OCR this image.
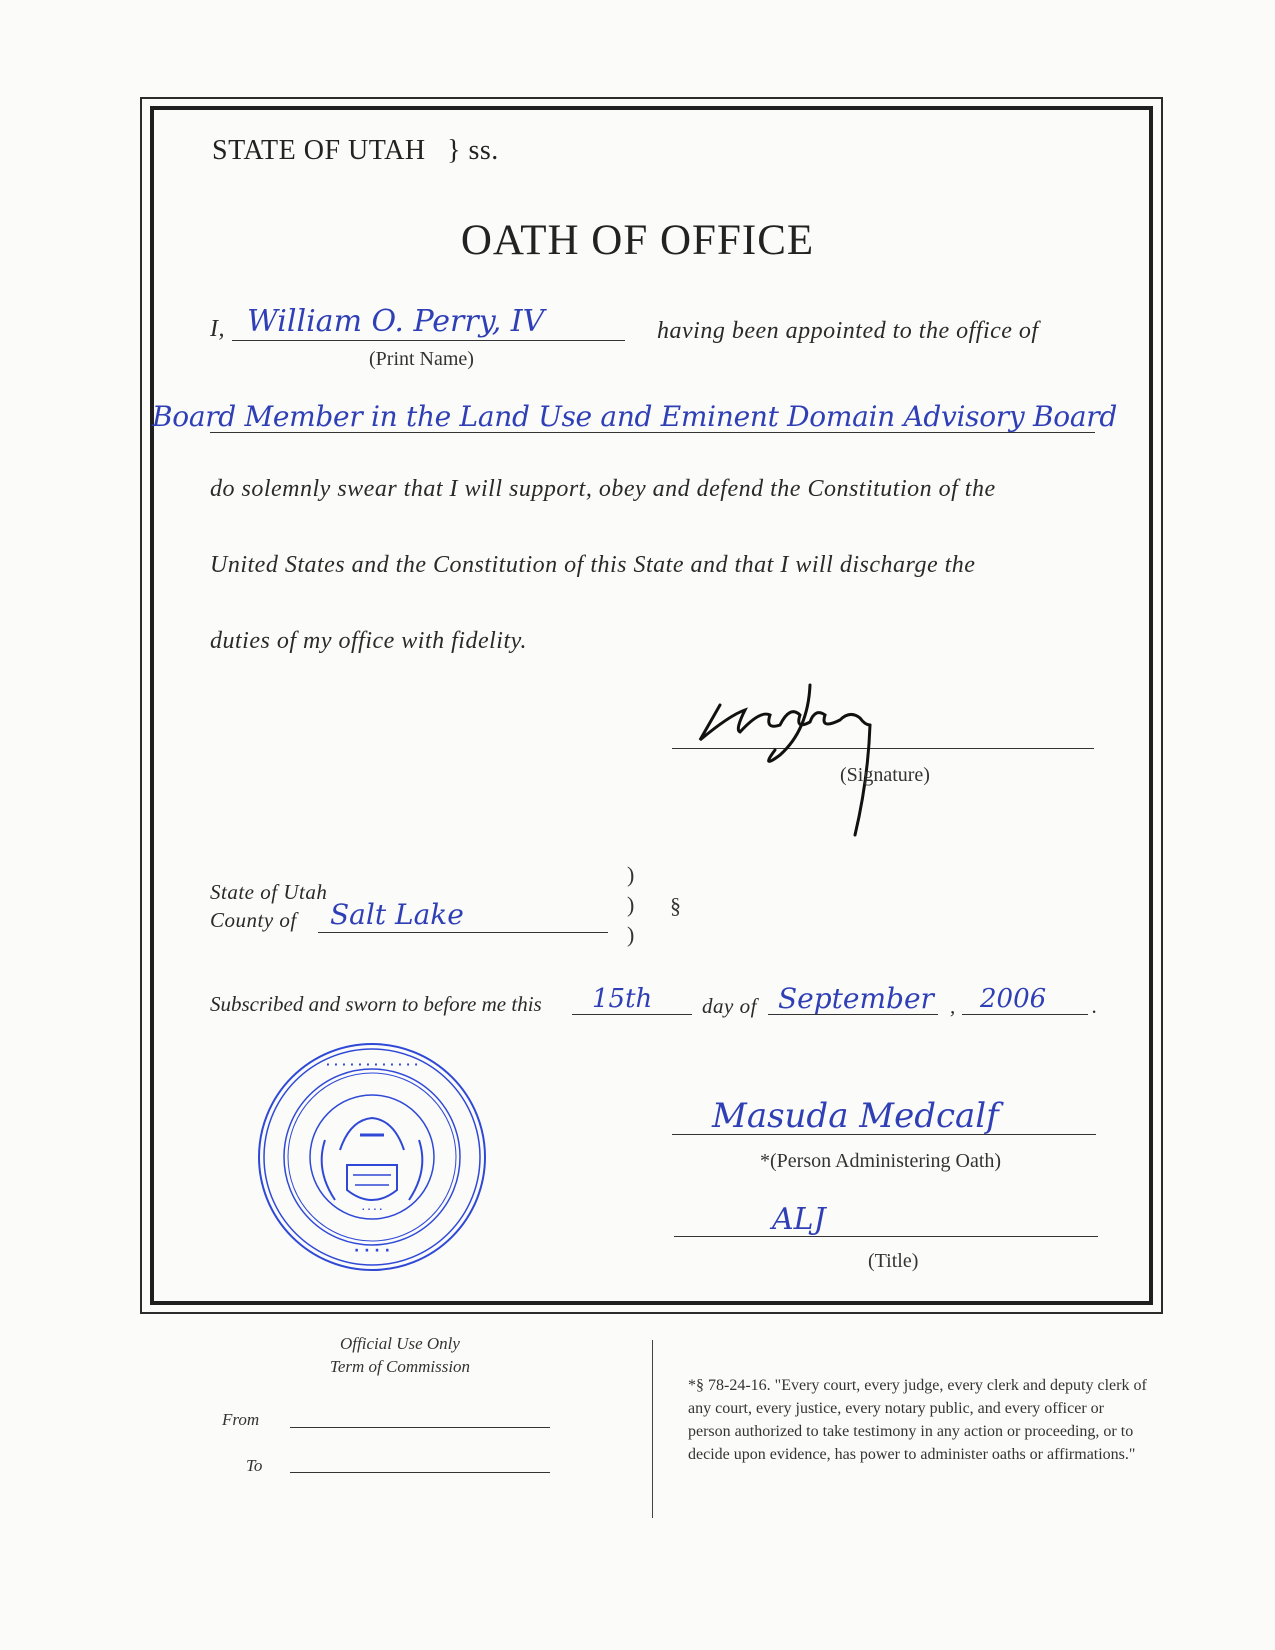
STATE OF UTAH } ss.
OATH OF OFFICE
I, William O. Perry, IV
(Print Name)
having been appointed to the office of
Board Member in the Land Use and Eminent Domain Advisory Board
do solemnly swear that I will support, obey and defend the Constitution of the
United States and the Constitution of this State and that I will discharge the
duties of my office with fidelity.
(Signature)
State of Utah
County of Salt Lake
)
)
)
§
Subscribed and sworn to before me this 15th day of September , 2006 .
· · · · · · · · · · · ·
· · · ·
· · · ·
Masuda Medcalf
*(Person Administering Oath)
ALJ
(Title)
Official Use Only
Term of Commission
From
To
*§ 78-24-16. "Every court, every judge, every clerk and deputy clerk of any court, every justice, every notary public, and every officer or person authorized to take testimony in any action or proceeding, or to decide upon evidence, has power to administer oaths or affirmations."
